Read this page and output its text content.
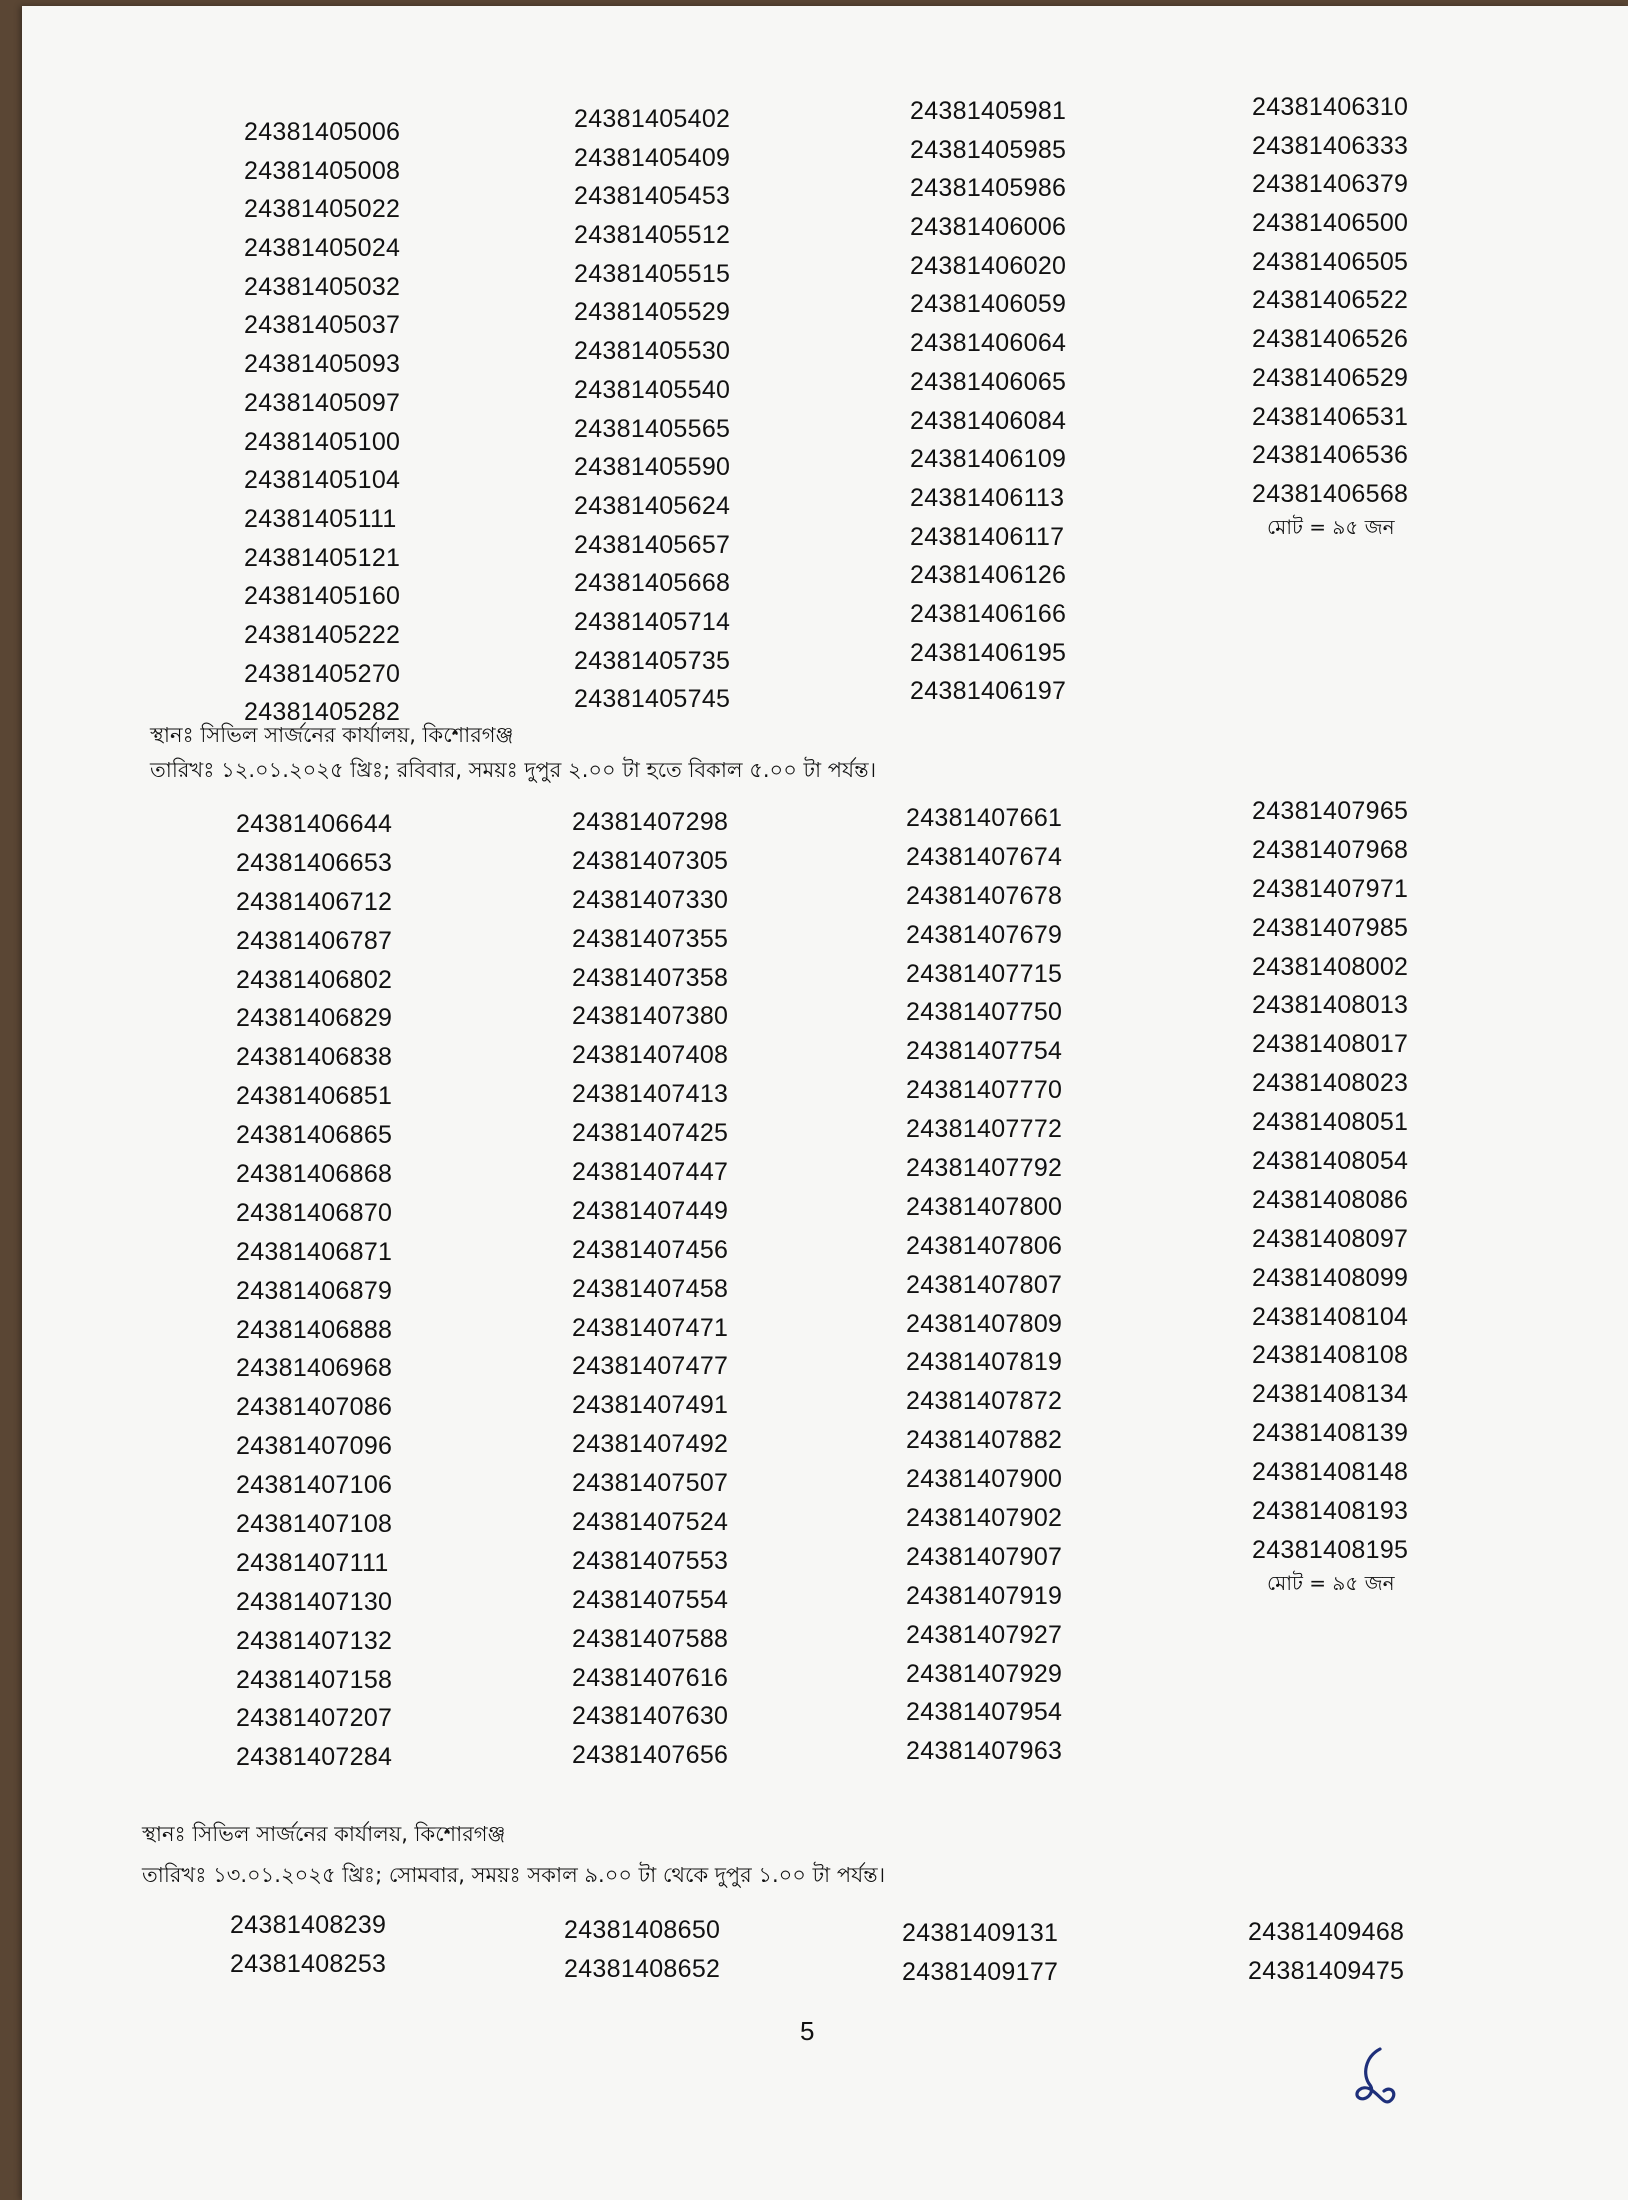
24381405006
24381405008
24381405022
24381405024
24381405032
24381405037
24381405093
24381405097
24381405100
24381405104
24381405111
24381405121
24381405160
24381405222
24381405270
24381405282
24381405402
24381405409
24381405453
24381405512
24381405515
24381405529
24381405530
24381405540
24381405565
24381405590
24381405624
24381405657
24381405668
24381405714
24381405735
24381405745
24381405981
24381405985
24381405986
24381406006
24381406020
24381406059
24381406064
24381406065
24381406084
24381406109
24381406113
24381406117
24381406126
24381406166
24381406195
24381406197
24381406310
24381406333
24381406379
24381406500
24381406505
24381406522
24381406526
24381406529
24381406531
24381406536
24381406568
মোট = ৯৫ জন
স্থানঃ সিভিল সার্জনের কার্যালয়, কিশোরগঞ্জ
তারিখঃ ১২.০১.২০২৫ খ্রিঃ; রবিবার, সময়ঃ দুপুর ২.০০ টা হতে বিকাল ৫.০০ টা পর্যন্ত।
24381406644
24381406653
24381406712
24381406787
24381406802
24381406829
24381406838
24381406851
24381406865
24381406868
24381406870
24381406871
24381406879
24381406888
24381406968
24381407086
24381407096
24381407106
24381407108
24381407111
24381407130
24381407132
24381407158
24381407207
24381407284
24381407298
24381407305
24381407330
24381407355
24381407358
24381407380
24381407408
24381407413
24381407425
24381407447
24381407449
24381407456
24381407458
24381407471
24381407477
24381407491
24381407492
24381407507
24381407524
24381407553
24381407554
24381407588
24381407616
24381407630
24381407656
24381407661
24381407674
24381407678
24381407679
24381407715
24381407750
24381407754
24381407770
24381407772
24381407792
24381407800
24381407806
24381407807
24381407809
24381407819
24381407872
24381407882
24381407900
24381407902
24381407907
24381407919
24381407927
24381407929
24381407954
24381407963
24381407965
24381407968
24381407971
24381407985
24381408002
24381408013
24381408017
24381408023
24381408051
24381408054
24381408086
24381408097
24381408099
24381408104
24381408108
24381408134
24381408139
24381408148
24381408193
24381408195
মোট = ৯৫ জন
স্থানঃ সিভিল সার্জনের কার্যালয়, কিশোরগঞ্জ
তারিখঃ ১৩.০১.২০২৫ খ্রিঃ; সোমবার, সময়ঃ সকাল ৯.০০ টা থেকে দুপুর ১.০০ টা পর্যন্ত।
24381408239
24381408253
24381408650
24381408652
24381409131
24381409177
24381409468
24381409475
5
